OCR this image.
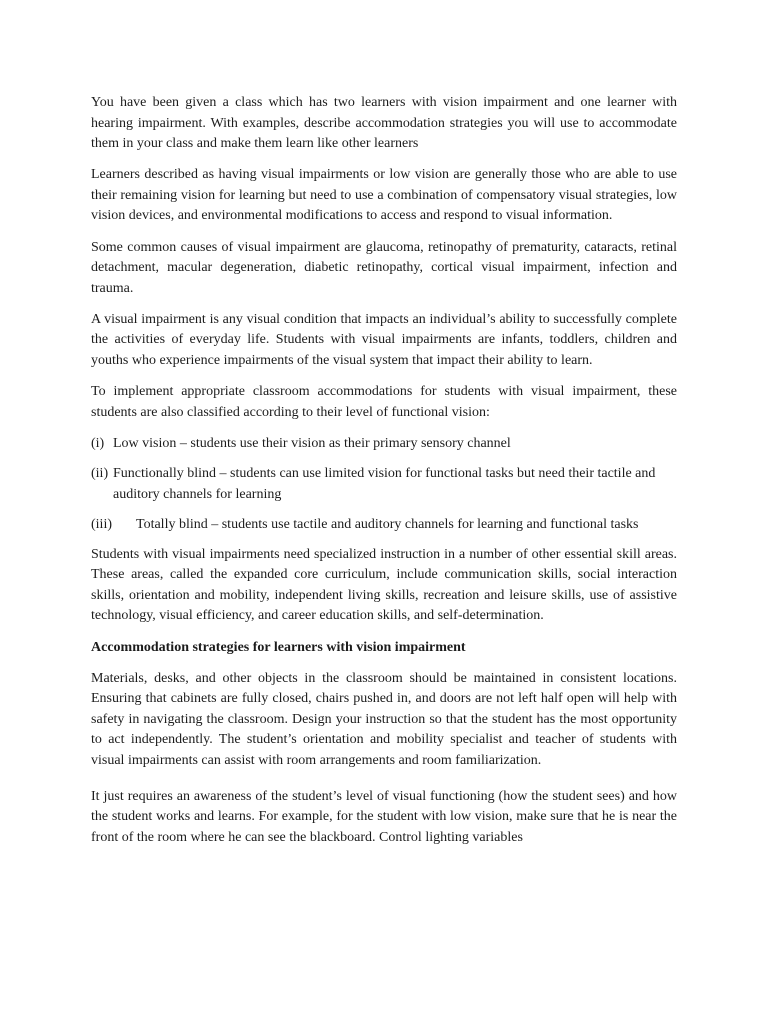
You have been given a class which has two learners with vision impairment and one learner with hearing impairment. With examples, describe accommodation strategies you will use to accommodate them in your class and make them learn like other learners

Learners described as having visual impairments or low vision are generally those who are able to use their remaining vision for learning but need to use a combination of compensatory visual strategies, low vision devices, and environmental modifications to access and respond to visual information.

Some common causes of visual impairment are glaucoma, retinopathy of prematurity, cataracts, retinal detachment, macular degeneration, diabetic retinopathy, cortical visual impairment, infection and trauma.

A visual impairment is any visual condition that impacts an individual’s ability to successfully complete the activities of everyday life. Students with visual impairments are infants, toddlers, children and youths who experience impairments of the visual system that impact their ability to learn.

To implement appropriate classroom accommodations for students with visual impairment, these students are also classified according to their level of functional vision:

(i) Low vision – students use their vision as their primary sensory channel
(ii) Functionally blind – students can use limited vision for functional tasks but need their tactile and auditory channels for learning
(iii)	Totally blind – students use tactile and auditory channels for learning and functional tasks

Students with visual impairments need specialized instruction in a number of other essential skill areas. These areas, called the expanded core curriculum, include communication skills, social interaction skills, orientation and mobility, independent living skills, recreation and leisure skills, use of assistive technology, visual efficiency, and career education skills, and self-determination.

Accommodation strategies for learners with vision impairment

Materials, desks, and other objects in the classroom should be maintained in consistent locations. Ensuring that cabinets are fully closed, chairs pushed in, and doors are not left half open will help with safety in navigating the classroom. Design your instruction so that the student has the most opportunity to act independently. The student’s orientation and mobility specialist and teacher of students with visual impairments can assist with room arrangements and room familiarization.

It just requires an awareness of the student’s level of visual functioning (how the student sees) and how the student works and learns. For example, for the student with low vision, make sure that he is near the front of the room where he can see the blackboard. Control lighting variables
